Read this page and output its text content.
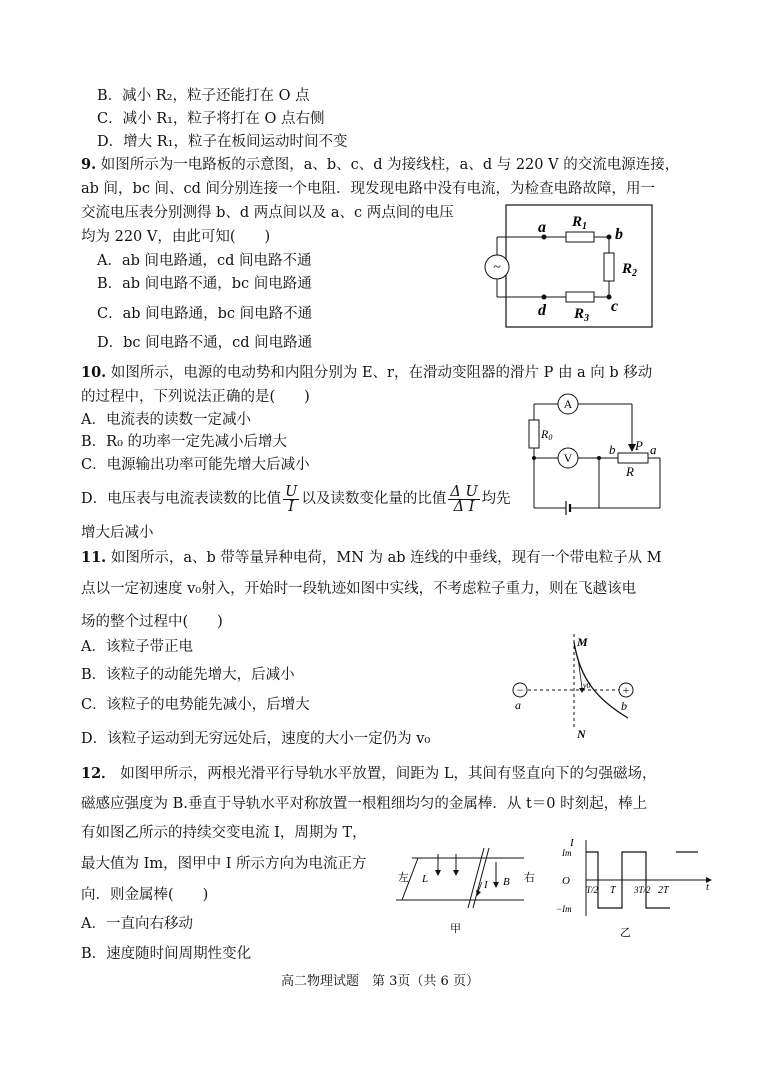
B．减小 R₂，粒子还能打在 O 点
C．减小 R₁，粒子将打在 O 点右侧
D．增大 R₁，粒子在板间运动时间不变
9. 如图所示为一电路板的示意图，a、b、c、d 为接线柱，a、d 与 220 V 的交流电源连接，
ab 间，bc 间、cd 间分别连接一个电阻．现发现电路中没有电流，为检查电路故障，用一
交流电压表分别测得 b、d 两点间以及 a、c 两点间的电压
均为 220 V，由此可知(　　)
A．ab 间电路通，cd 间电路不通
B．ab 间电路不通，bc 间电路通
C．ab 间电路通，bc 间电路不通
D．bc 间电路不通，cd 间电路通
~
a	b
c
d
$R_1$
$R_2$
$R_3$
10. 如图所示，电源的电动势和内阻分别为 E、r，在滑动变阻器的滑片 P 由 a 向 b 移动
的过程中，下列说法正确的是(　　)
A．电流表的读数一定减小
B．R₀ 的功率一定先减小后增大
C．电源输出功率可能先增大后减小
D．电压表与电流表读数的比值 $\frac{U}{I}$ 以及读数变化量的比值 $\frac{\text{Δ U}}{\text{Δ I}}$ 均先
增大后减小
A
V
R0
P
b	a
R
11. 如图所示，a、b 带等量异种电荷，MN 为 ab 连线的中垂线，现有一个带电粒子从 M
点以一定初速度 v₀射入，开始时一段轨迹如图中实线，不考虑粒子重力，则在飞越该电
场的整个过程中(　　)
A．该粒子带正电
B．该粒子的动能先增大，后减小
C．该粒子的电势能先减小，后增大
D．该粒子运动到无穷远处后，速度的大小一定仍为 v₀
−	+
M
N
a	b
v0
12． 如图甲所示，两根光滑平行导轨水平放置，间距为 L，其间有竖直向下的匀强磁场，
磁感应强度为 B.垂直于导轨水平对称放置一根粗细均匀的金属棒．从 t＝0 时刻起，棒上
有如图乙所示的持续交变电流 I，周期为 T，
最大值为 Im，图甲中 I 所示方向为电流正方
向．则金属棒(　　)
A．一直向右移动
B．速度随时间周期性变化
左	右
L	I B
甲
I
Im
−Im
O	t
T/2 T 3T/2 2T
乙
高二物理试题　第 3页（共 6 页）
